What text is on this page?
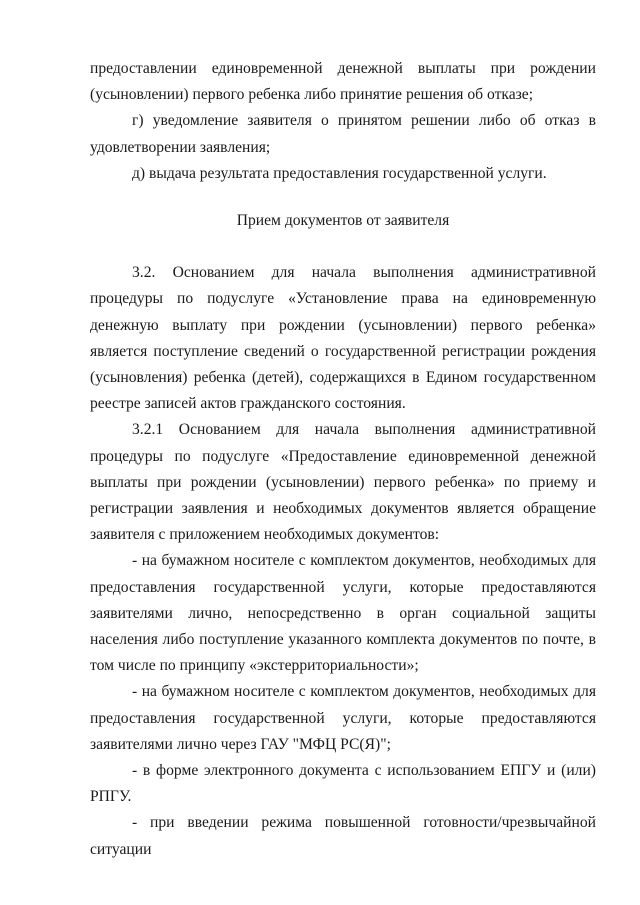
предоставлении единовременной денежной выплаты при рождении (усыновлении) первого ребенка либо принятие решения об отказе;

г) уведомление заявителя о принятом решении либо об отказ в удовлетворении заявления;

д) выдача результата предоставления государственной услуги.

Прием документов от заявителя

3.2. Основанием для начала выполнения административной процедуры по подуслуге «Установление права на единовременную денежную выплату при рождении (усыновлении) первого ребенка» является поступление сведений о государственной регистрации рождения (усыновления) ребенка (детей), содержащихся в Едином государственном реестре записей актов гражданского состояния.

3.2.1 Основанием для начала выполнения административной процедуры по подуслуге «Предоставление единовременной денежной выплаты при рождении (усыновлении) первого ребенка» по приему и регистрации заявления и необходимых документов является обращение заявителя с приложением необходимых документов:

- на бумажном носителе с комплектом документов, необходимых для предоставления государственной услуги, которые предоставляются заявителями лично, непосредственно в орган социальной защиты населения либо поступление указанного комплекта документов по почте, в том числе по принципу «экстерриториальности»;

- на бумажном носителе с комплектом документов, необходимых для предоставления государственной услуги, которые предоставляются заявителями лично через ГАУ "МФЦ РС(Я)";

- в форме электронного документа с использованием ЕПГУ и (или) РПГУ.

- при введении режима повышенной готовности/чрезвычайной ситуации
